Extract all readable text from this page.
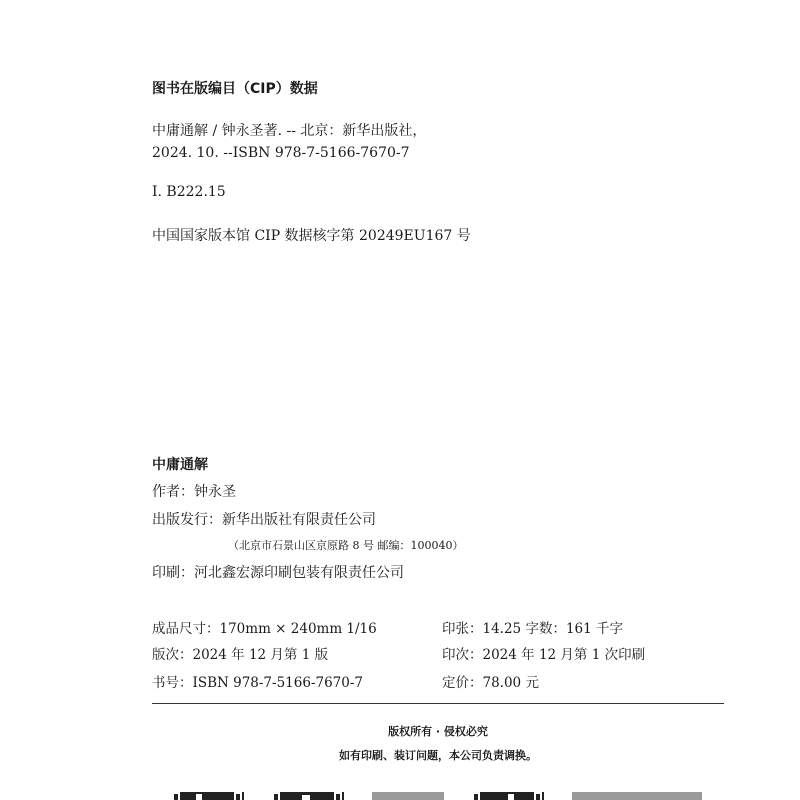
图书在版编目（CIP）数据
中庸通解 / 钟永圣著. -- 北京：新华出版社，
2024. 10. --ISBN 978-7-5166-7670-7
Ⅰ. B222.15
中国国家版本馆 CIP 数据核字第 20249EU167 号
中庸通解
作者：钟永圣
出版发行：新华出版社有限责任公司
（北京市石景山区京原路 8 号 邮编：100040）
印刷：河北鑫宏源印刷包装有限责任公司
成品尺寸：170mm × 240mm 1/16	印张：14.25 字数：161 千字
版次：2024 年 12 月第 1 版	印次：2024 年 12 月第 1 次印刷
书号：ISBN 978-7-5166-7670-7	定价：78.00 元
版权所有 · 侵权必究
如有印刷、装订问题，本公司负责调换。
